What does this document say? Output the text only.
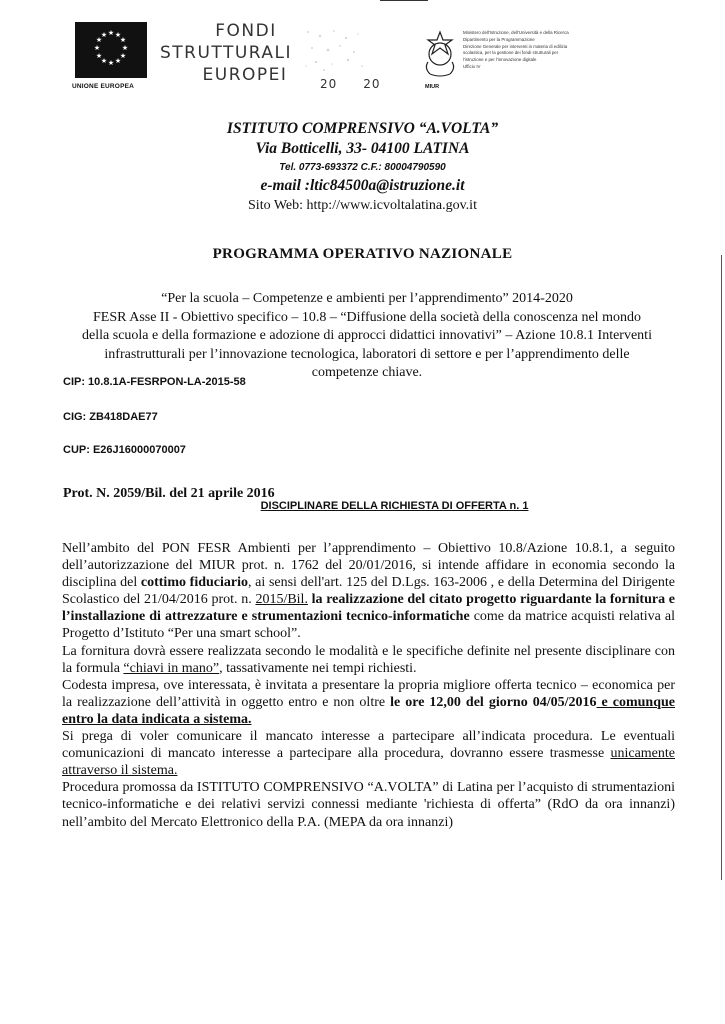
★ ★
★
★
★
★
★
★
★
★
★
★
UNIONE EUROPEA
FONDI
STRUTTURALI
EUROPEI	20 20
Ministero dell'Istruzione, dell'Università e della Ricerca
Dipartimento per la Programmazione
Direzione Generale per interventi in materia di edilizia
scolastica, per la gestione dei fondi strutturali per
l'istruzione e per l'innovazione digitale
Ufficio IV
MIUR
ISTITUTO COMPRENSIVO “A.VOLTA”
Via Botticelli, 33- 04100 LATINA
Tel. 0773-693372 C.F.: 80004790590
e-mail :ltic84500a@istruzione.it
Sito Web: http://www.icvoltalatina.gov.it
PROGRAMMA OPERATIVO NAZIONALE
“Per la scuola – Competenze e ambienti per l’apprendimento” 2014-2020
FESR Asse II - Obiettivo specifico – 10.8 – “Diffusione della società della conoscenza nel mondo
della scuola e della formazione e adozione di approcci didattici innovativi” – Azione 10.8.1 Interventi
infrastrutturali per l’innovazione tecnologica, laboratori di settore e per l’apprendimento delle
competenze chiave.
CIP: 10.8.1A-FESRPON-LA-2015-58
CIG: ZB418DAE77
CUP: E26J16000070007
Prot. N. 2059/Bil. del 21 aprile 2016
DISCIPLINARE DELLA RICHIESTA DI OFFERTA n. 1

Nell’ambito del PON FESR Ambienti per l’apprendimento – Obiettivo 10.8/Azione 10.8.1, a seguito dell’autorizzazione del MIUR prot. n. 1762 del 20/01/2016, si intende affidare in economia secondo la disciplina del cottimo fiduciario, ai sensi dell'art. 125 del D.Lgs. 163-2006 , e della Determina del Dirigente Scolastico del 21/04/2016 prot. n. 2015/Bil. la realizzazione del citato progetto riguardante la fornitura e l’installazione di attrezzature e strumentazioni tecnico-informatiche come da matrice acquisti relativa al Progetto d’Istituto “Per una smart school”.

La fornitura dovrà essere realizzata secondo le modalità e le specifiche definite nel presente disciplinare con la formula “chiavi in mano”, tassativamente nei tempi richiesti.

Codesta impresa, ove interessata, è invitata a presentare la propria migliore offerta tecnico – economica per la realizzazione dell’attività in oggetto entro e non oltre le ore 12,00 del giorno 04/05/2016 e comunque entro la data indicata a sistema.

Si prega di voler comunicare il mancato interesse a partecipare all’indicata procedura. Le eventuali comunicazioni di mancato interesse a partecipare alla procedura, dovranno essere trasmesse unicamente attraverso il sistema.

Procedura promossa da ISTITUTO COMPRENSIVO “A.VOLTA” di Latina per l’acquisto di strumentazioni tecnico-informatiche e dei relativi servizi connessi mediante 'richiesta di offerta” (RdO da ora innanzi) nell’ambito del Mercato Elettronico della P.A. (MEPA da ora innanzi)
